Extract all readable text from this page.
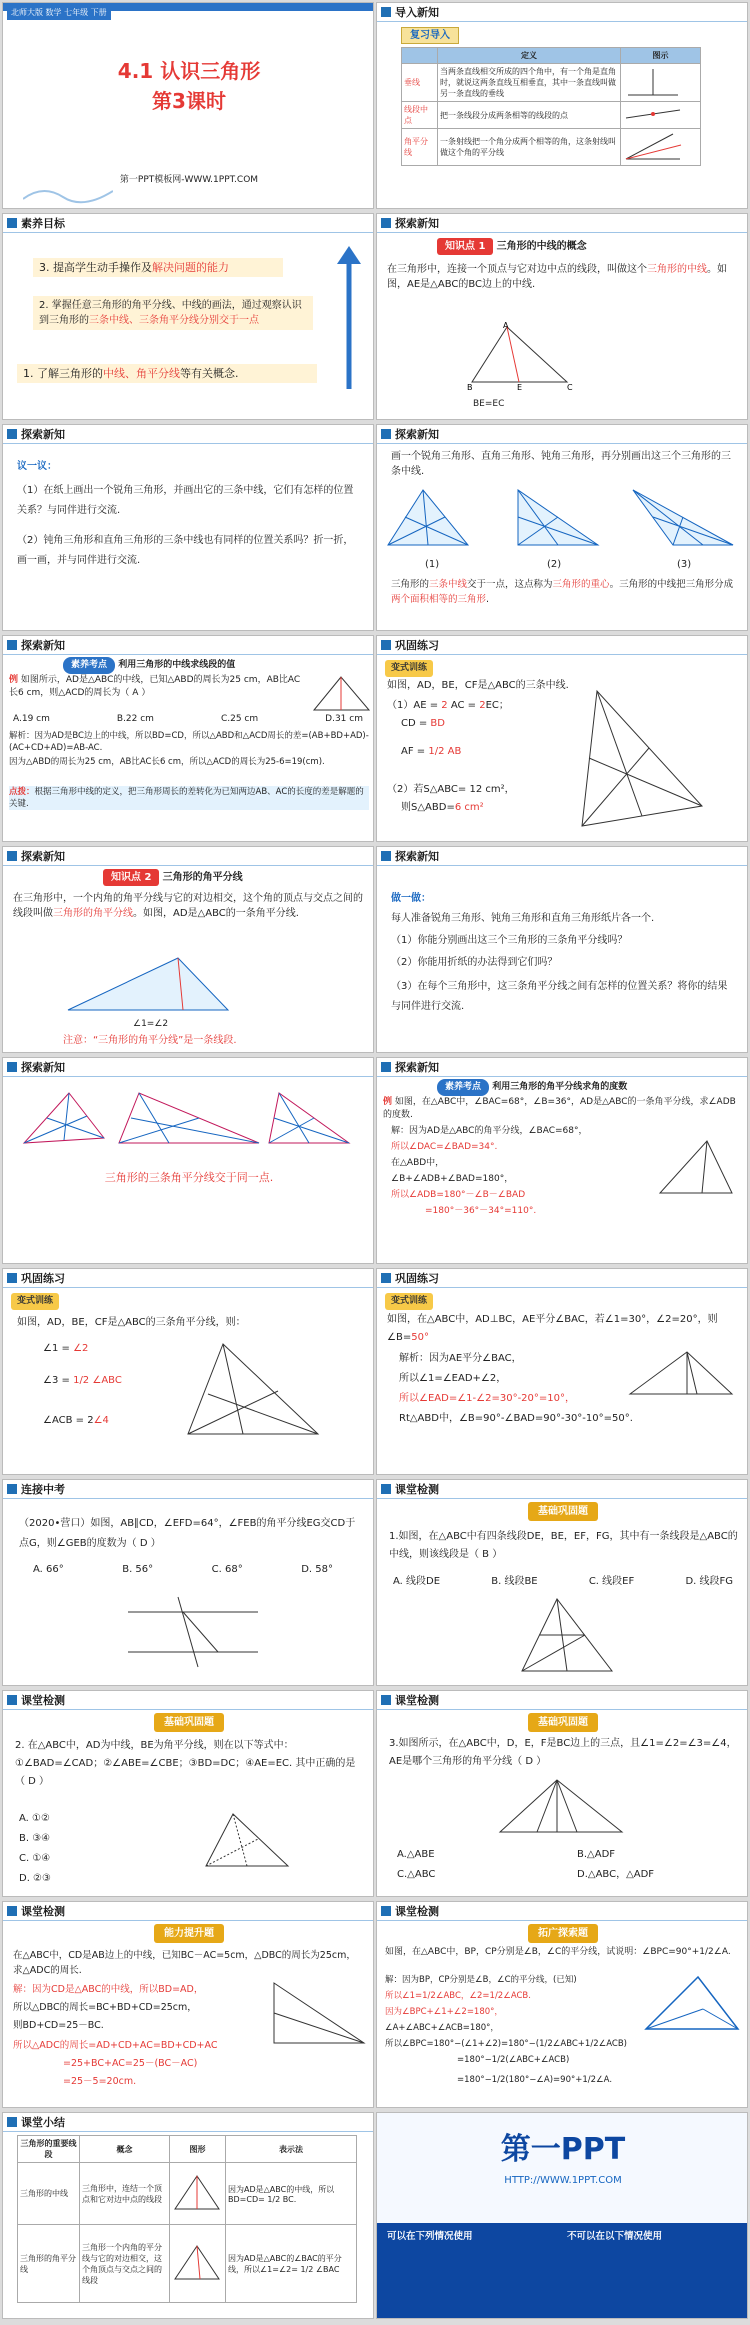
北师大版 数学 七年级 下册
4.1 认识三角形
第3课时
第一PPT模板网-WWW.1PPT.COM
导入新知
复习导入
	定义	图示
垂线	当两条直线相交所成的四个角中，有一个角是直角时，就说这两条直线互相垂直，其中一条直线叫做另一条直线的垂线	
线段中点	把一条线段分成两条相等的线段的点	
角平分线	一条射线把一个角分成两个相等的角，这条射线叫做这个角的平分线	
素养目标
3. 提高学生动手操作及解决问题的能力
2. 掌握任意三角形的角平分线、中线的画法，通过观察认识到三角形的三条中线、三条角平分线分别交于一点
1. 了解三角形的中线、角平分线等有关概念.
探索新知
知识点 1 三角形的中线的概念
在三角形中，连接一个顶点与它对边中点的线段，叫做这个三角形的中线。如图，AE是△ABC的BC边上的中线.
A
B	E	C
BE=EC
探索新知
议一议：
（1）在纸上画出一个锐角三角形，并画出它的三条中线，它们有怎样的位置关系？与同伴进行交流.
（2）钝角三角形和直角三角形的三条中线也有同样的位置关系吗？折一折，画一画，并与同伴进行交流.
探索新知
画一个锐角三角形、直角三角形、钝角三角形，再分别画出这三个三角形的三条中线.
(1)	(2)	(3)
三角形的三条中线交于一点，这点称为三角形的重心。三角形的中线把三角形分成两个面积相等的三角形.
探索新知
素养考点 利用三角形的中线求线段的值
例 如图所示，AD是△ABC的中线，已知△ABD的周长为25 cm，AB比AC长6 cm，则△ACD的周长为（ A ）
A.19 cm	B.22 cm	C.25 cm	D.31 cm
解析：因为AD是BC边上的中线，所以BD=CD，所以△ABD和△ACD周长的差=(AB+BD+AD)-(AC+CD+AD)=AB-AC.
因为△ABD的周长为25 cm，AB比AC长6 cm，所以△ACD的周长为25-6=19(cm).
点拨：根据三角形中线的定义，把三角形周长的差转化为已知两边AB、AC的长度的差是解题的关键.
巩固练习
变式训练
如图，AD，BE，CF是△ABC的三条中线.
（1）AE = 2 AC = 2EC；
CD = BD
AF = 1/2 AB
（2）若S△ABC= 12 cm²，
则S△ABD=6 cm²
探索新知
知识点 2 三角形的角平分线
在三角形中，一个内角的角平分线与它的对边相交，这个角的顶点与交点之间的线段叫做三角形的角平分线。如图，AD是△ABC的一条角平分线.
∠1=∠2
注意：“三角形的角平分线”是一条线段.
探索新知
做一做：
每人准备锐角三角形、钝角三角形和直角三角形纸片各一个.
（1）你能分别画出这三个三角形的三条角平分线吗？
（2）你能用折纸的办法得到它们吗？
（3）在每个三角形中，这三条角平分线之间有怎样的位置关系？将你的结果与同伴进行交流.
探索新知
三角形的三条角平分线交于同一点.
探索新知
素养考点 利用三角形的角平分线求角的度数
例 如图，在△ABC中，∠BAC=68°，∠B=36°，AD是△ABC的一条角平分线，求∠ADB的度数.
解：因为AD是△ABC的角平分线，∠BAC=68°，
所以∠DAC=∠BAD=34°.
在△ABD中，
∠B+∠ADB+∠BAD=180°，
所以∠ADB=180°－∠B－∠BAD
=180°－36°－34°=110°.
巩固练习
变式训练
如图，AD，BE，CF是△ABC的三条角平分线，则：
∠1 = ∠2
∠3 = 1/2 ∠ABC
∠ACB = 2∠4
巩固练习
变式训练
如图，在△ABC中，AD⊥BC，AE平分∠BAC，若∠1=30°，∠2=20°，则∠B=50°
解析：因为AE平分∠BAC，
所以∠1=∠EAD+∠2，
所以∠EAD=∠1-∠2=30°-20°=10°，
Rt△ABD中，∠B=90°-∠BAD=90°-30°-10°=50°.
连接中考
（2020•营口）如图，AB∥CD，∠EFD=64°，∠FEB的角平分线EG交CD于点G，则∠GEB的度数为（ D ）
A. 66°	B. 56°	C. 68°	D. 58°
课堂检测
基础巩固题
1.如图，在△ABC中有四条线段DE，BE，EF，FG，其中有一条线段是△ABC的中线，则该线段是（ B ）
A. 线段DE	B. 线段BE	C. 线段EF	D. 线段FG
课堂检测
基础巩固题
2. 在△ABC中，AD为中线，BE为角平分线，则在以下等式中：①∠BAD=∠CAD；②∠ABE=∠CBE；③BD=DC；④AE=EC. 其中正确的是（ D ）
A. ①②
B. ③④
C. ①④
D. ②③
课堂检测
基础巩固题
3.如图所示，在△ABC中，D，E，F是BC边上的三点，且∠1=∠2=∠3=∠4，AE是哪个三角形的角平分线（ D ）
A.△ABE	B.△ADF
C.△ABC	D.△ABC，△ADF
课堂检测
能力提升题
在△ABC中，CD是AB边上的中线，已知BC－AC=5cm，△DBC的周长为25cm，求△ADC的周长.
解：因为CD是△ABC的中线，所以BD=AD，
所以△DBC的周长=BC+BD+CD=25cm，
则BD+CD=25－BC.
所以△ADC的周长=AD+CD+AC=BD+CD+AC
=25+BC+AC=25－(BC－AC)
=25－5=20cm.
课堂检测
拓广探索题
如图，在△ABC中，BP，CP分别是∠B，∠C的平分线，试说明：∠BPC=90°+1/2∠A.
解：因为BP，CP分别是∠B，∠C的平分线，(已知)
所以∠1=1/2∠ABC，∠2=1/2∠ACB.
因为∠BPC+∠1+∠2=180°，
∠A+∠ABC+∠ACB=180°，
所以∠BPC=180°−(∠1+∠2)=180°−(1/2∠ABC+1/2∠ACB)
=180°−1/2(∠ABC+∠ACB)
=180°−1/2(180°−∠A)=90°+1/2∠A.
课堂小结
三角形的重要线段	概念	图形	表示法
三角形的中线	三角形中，连结一个顶点和它对边中点的线段		因为AD是△ABC的中线，所以BD=CD= 1/2 BC.
三角形的角平分线	三角形一个内角的平分线与它的对边相交，这个角顶点与交点之间的线段		因为AD是△ABC的∠BAC的平分线，所以∠1=∠2= 1/2 ∠BAC
第一PPT
HTTP://WWW.1PPT.COM
可以在下列情况使用	不可以在以下情况使用
